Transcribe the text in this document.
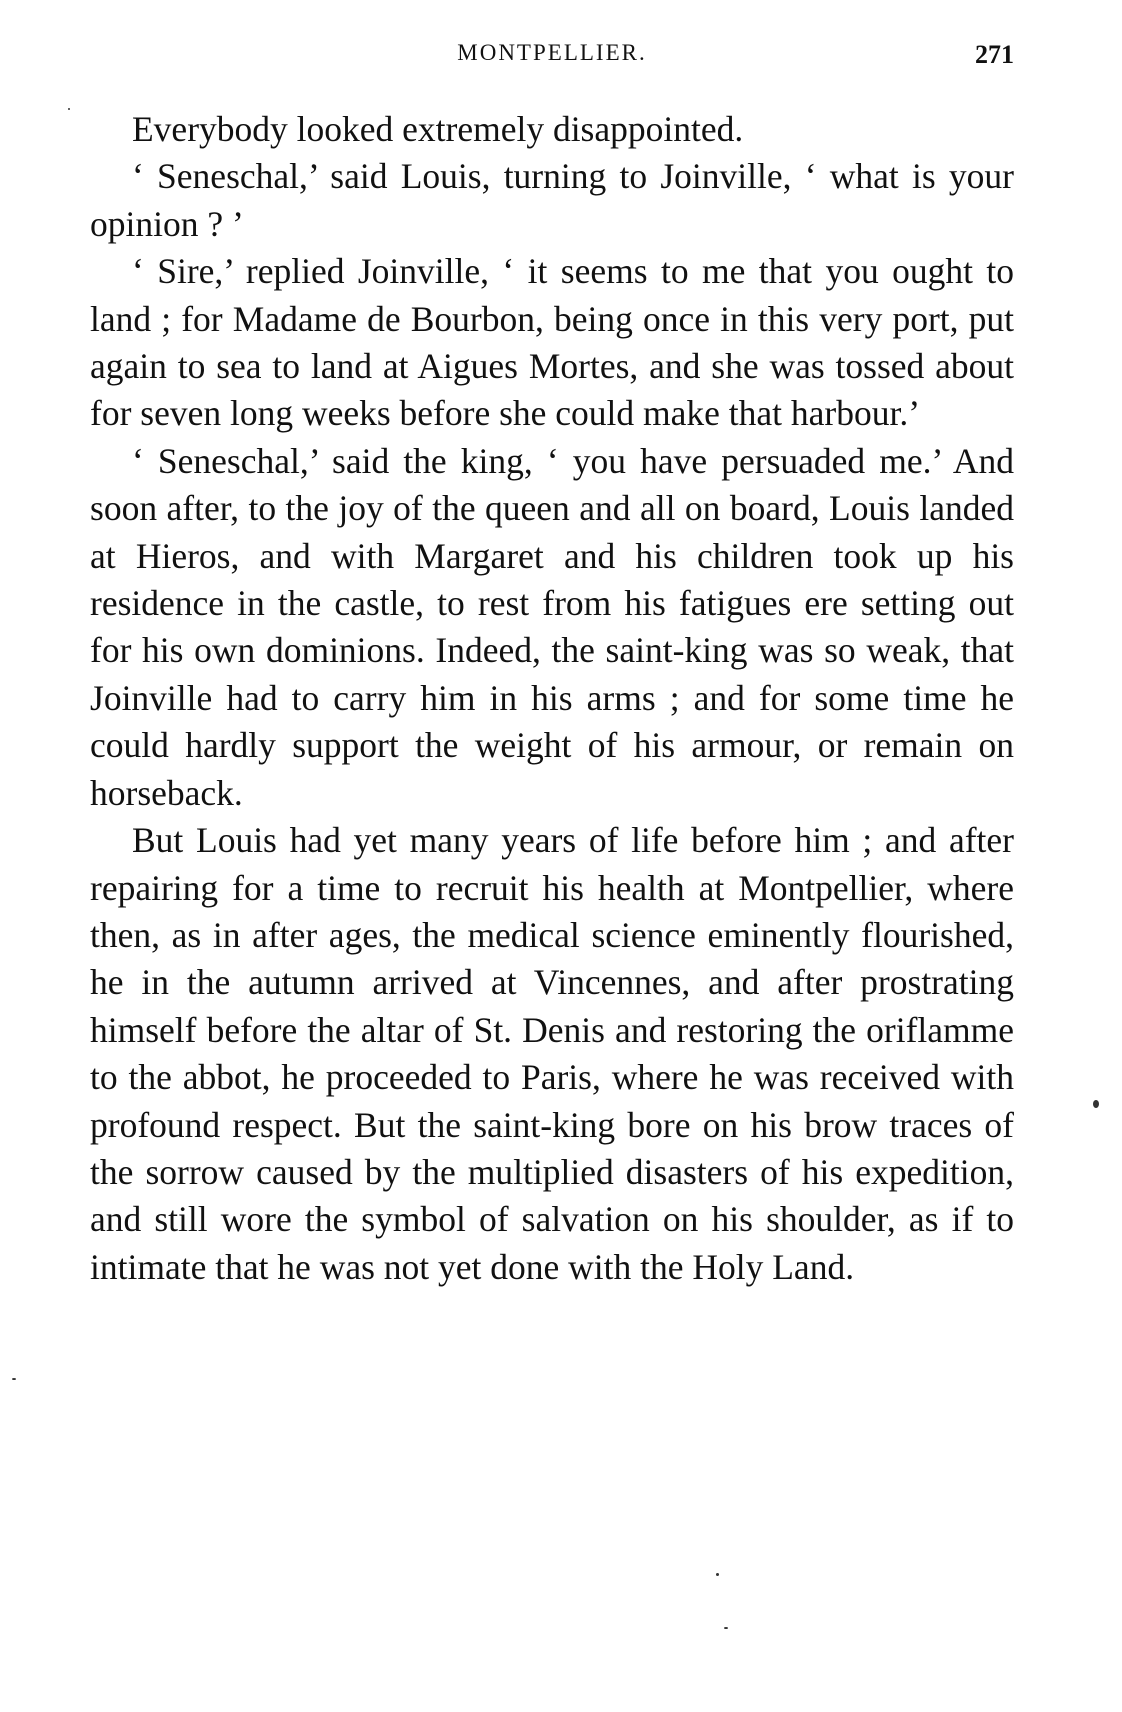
MONTPELLIER.	271

Everybody looked extremely disappointed.

‘ Seneschal,’ said Louis, turning to Joinville, ‘ what is your opinion ? ’

‘ Sire,’ replied Joinville, ‘ it seems to me that you ought to land ; for Madame de Bourbon, being once in this very port, put again to sea to land at Aigues Mortes, and she was tossed about for seven long weeks before she could make that harbour.’

‘ Seneschal,’ said the king, ‘ you have persuaded me.’ And soon after, to the joy of the queen and all on board, Louis landed at Hieros, and with Margaret and his children took up his residence in the castle, to rest from his fatigues ere setting out for his own dominions. Indeed, the saint-king was so weak, that Joinville had to carry him in his arms ; and for some time he could hardly support the weight of his armour, or remain on horseback.

But Louis had yet many years of life before him ; and after repairing for a time to recruit his health at Montpellier, where then, as in after ages, the medical science eminently flourished, he in the autumn arrived at Vincennes, and after prostrating himself before the altar of St. Denis and restoring the oriflamme to the abbot, he proceeded to Paris, where he was received with profound respect. But the saint-king bore on his brow traces of the sorrow caused by the multiplied disasters of his expedition, and still wore the symbol of salvation on his shoulder, as if to intimate that he was not yet done with the Holy Land.
